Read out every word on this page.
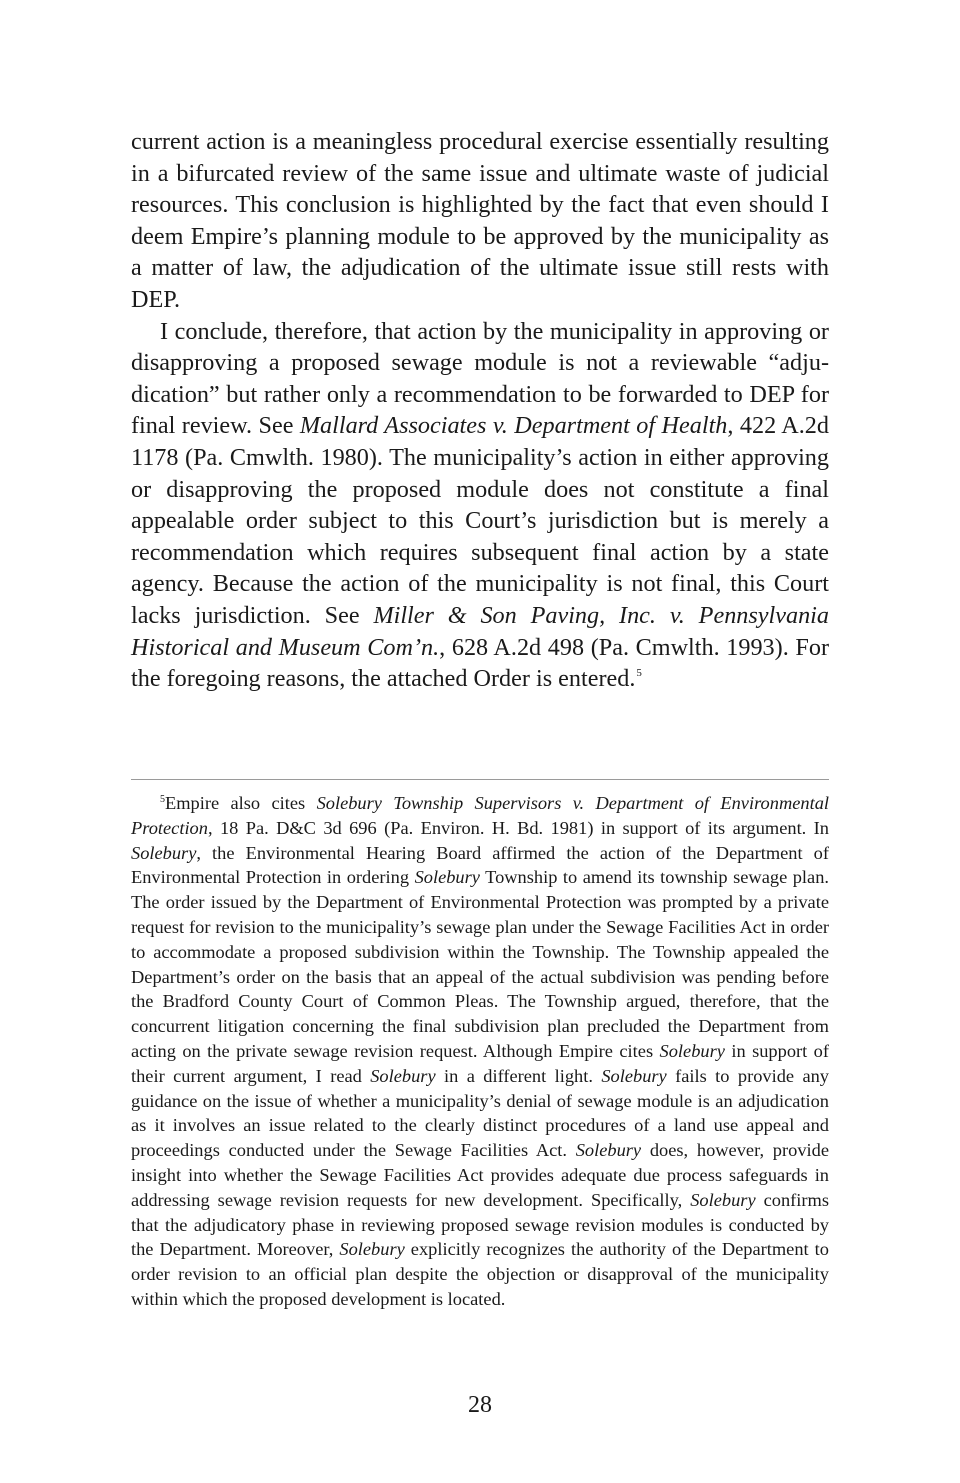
current action is a meaningless procedural exercise essentially resulting in a bifurcated review of the same issue and ultimate waste of judicial resources. This conclusion is highlighted by the fact that even should I deem Empire’s planning module to be approved by the municipality as a matter of law, the adjudication of the ultimate issue still rests with DEP.

I conclude, therefore, that action by the municipality in approving or disapproving a proposed sewage module is not a reviewable “adjudication” but rather only a recommendation to be forwarded to DEP for final review. See Mallard Associates v. Department of Health, 422 A.2d 1178 (Pa. Cmwlth. 1980). The municipality’s action in either approving or disapproving the proposed module does not constitute a final appealable order subject to this Court’s jurisdiction but is merely a recommendation which requires subsequent final action by a state agency. Because the action of the municipality is not final, this Court lacks jurisdiction. See Miller & Son Paving, Inc. v. Pennsylvania Historical and Museum Com’n., 628 A.2d 498 (Pa. Cmwlth. 1993). For the foregoing reasons, the attached Order is entered.$^5$

$^5$Empire also cites Solebury Township Supervisors v. Department of Environmental Protection, 18 Pa. D&C 3d 696 (Pa. Environ. H. Bd. 1981) in support of its argument. In Solebury, the Environmental Hearing Board affirmed the action of the Department of Environmental Protection in ordering Solebury Township to amend its township sewage plan. The order issued by the Department of Environmental Protection was prompted by a private request for revision to the municipality’s sewage plan under the Sewage Facilities Act in order to accommodate a proposed subdivision within the Township. The Township appealed the Department’s order on the basis that an appeal of the actual subdivision was pending before the Bradford County Court of Common Pleas. The Township argued, therefore, that the concurrent litigation concerning the final subdivision plan precluded the Department from acting on the private sewage revision request. Although Empire cites Solebury in support of their current argument, I read Solebury in a different light. Solebury fails to provide any guidance on the issue of whether a municipality’s denial of sewage module is an adjudication as it involves an issue related to the clearly distinct procedures of a land use appeal and proceedings conducted under the Sewage Facilities Act. Solebury does, however, provide insight into whether the Sewage Facilities Act provides adequate due process safeguards in addressing sewage revision requests for new development. Specifically, Solebury confirms that the adjudicatory phase in reviewing proposed sewage revision modules is conducted by the Department. Moreover, Solebury explicitly recognizes the authority of the Department to order revision to an official plan despite the objection or disapproval of the municipality within which the proposed development is located.

28
